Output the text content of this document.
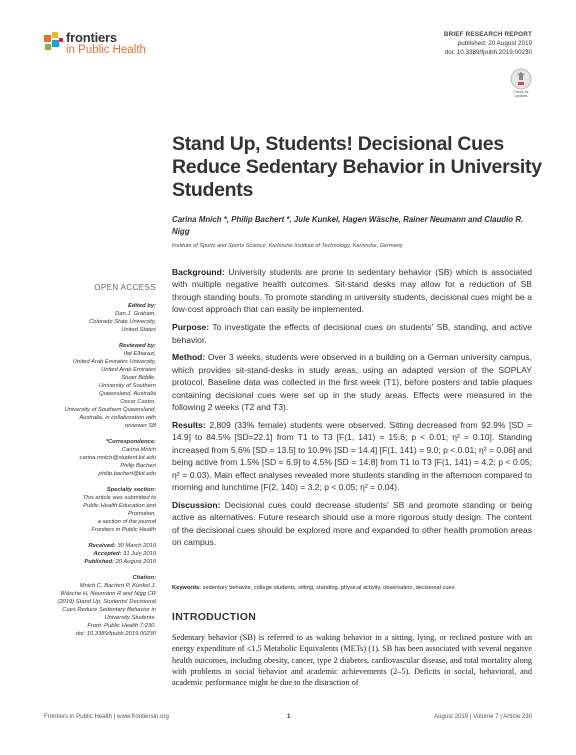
frontiers
in Public Health
BRIEF RESEARCH REPORT
published: 20 August 2019
doi: 10.3389/fpubh.2019.00230
Check for updates
Stand Up, Students! Decisional Cues Reduce Sedentary Behavior in University Students
Carina Mnich *, Philip Bachert *, Jule Kunkel, Hagen Wäsche, Rainer Neumann and Claudio R. Nigg
Institute of Sports and Sports Science, Karlsruhe Institute of Technology, Karlsruhe, Germany
OPEN ACCESS
Edited by:
Dan J. Graham,
Colorado State University,
United States
Reviewed by:
Ifat Elbarazi,
United Arab Emirates University,
United Arab Emirates
Stuart Biddle,
University of Southern
Queensland, Australia
Oscar Castro,
University of Southern Queensland,
Australia, in collaboration with
reviewer SB
*Correspondence:
Carina Mnich
carina.mnich@student.kit.edu
Philip Bachert
philip.bachert@kit.edu
Specialty section:
This article was submitted to
Public Health Education and
Promotion,
a section of the journal
Frontiers in Public Health
Received: 30 March 2019
Accepted: 31 July 2019
Published: 20 August 2019
Citation:
Mnich C, Bachert P, Kunkel J,
Wäsche H, Neumann R and Nigg CR
(2019) Stand Up, Students! Decisional
Cues Reduce Sedentary Behavior in
University Students.
Front. Public Health 7:230.
doi: 10.3389/fpubh.2019.00230

Background: University students are prone to sedentary behavior (SB) which is associated with multiple negative health outcomes. Sit-stand desks may allow for a reduction of SB through standing bouts. To promote standing in university students, decisional cues might be a low-cost approach that can easily be implemented.

Purpose: To investigate the effects of decisional cues on students' SB, standing, and active behavior.

Method: Over 3 weeks, students were observed in a building on a German university campus, which provides sit-stand-desks in study areas, using an adapted version of the SOPLAY protocol. Baseline data was collected in the first week (T1), before posters and table plaques containing decisional cues were set up in the study areas. Effects were measured in the following 2 weeks (T2 and T3).

Results: 2,809 (33% female) students were observed. Sitting decreased from 92.9% [SD = 14.9] to 84.5% [SD=22.1] from T1 to T3 [F(1, 141) = 15.6; p < 0.01; η² = 0.10]. Standing increased from 5.6% [SD = 13.5] to 10.9% [SD = 14.4] [F(1, 141) = 9.0; p < 0.01; η² = 0.06] and being active from 1.5% [SD = 6.9] to 4.5% [SD = 14.8] from T1 to T3 [F(1, 141) = 4.2; p < 0.05; η² = 0.03). Main effect analyses revealed more students standing in the afternoon compared to morning and lunchtime [F(2, 140) = 3.2; p < 0.05; η² = 0.04).

Discussion: Decisional cues could decrease students' SB and promote standing or being active as alternatives. Future research should use a more rigorous study design. The content of the decisional cues should be explored more and expanded to other health promotion areas on campus.

Keywords: sedentary behavior, college students, sitting, standing, physical activity, observation, decisional cues
INTRODUCTION
Sedentary behavior (SB) is referred to as waking behavior in a sitting, lying, or reclined posture with an energy expenditure of ≤1.5 Metabolic Equivalents (METs) (1). SB has been associated with several negative health outcomes, including obesity, cancer, type 2 diabetes, cardiovascular disease, and total mortality along with problems in social behavior and academic achievements (2–5). Deficits in social, behavioral, and academic performance might be due to the distraction of
Frontiers in Public Health | www.frontiersin.org	1	August 2019 | Volume 7 | Article 230
